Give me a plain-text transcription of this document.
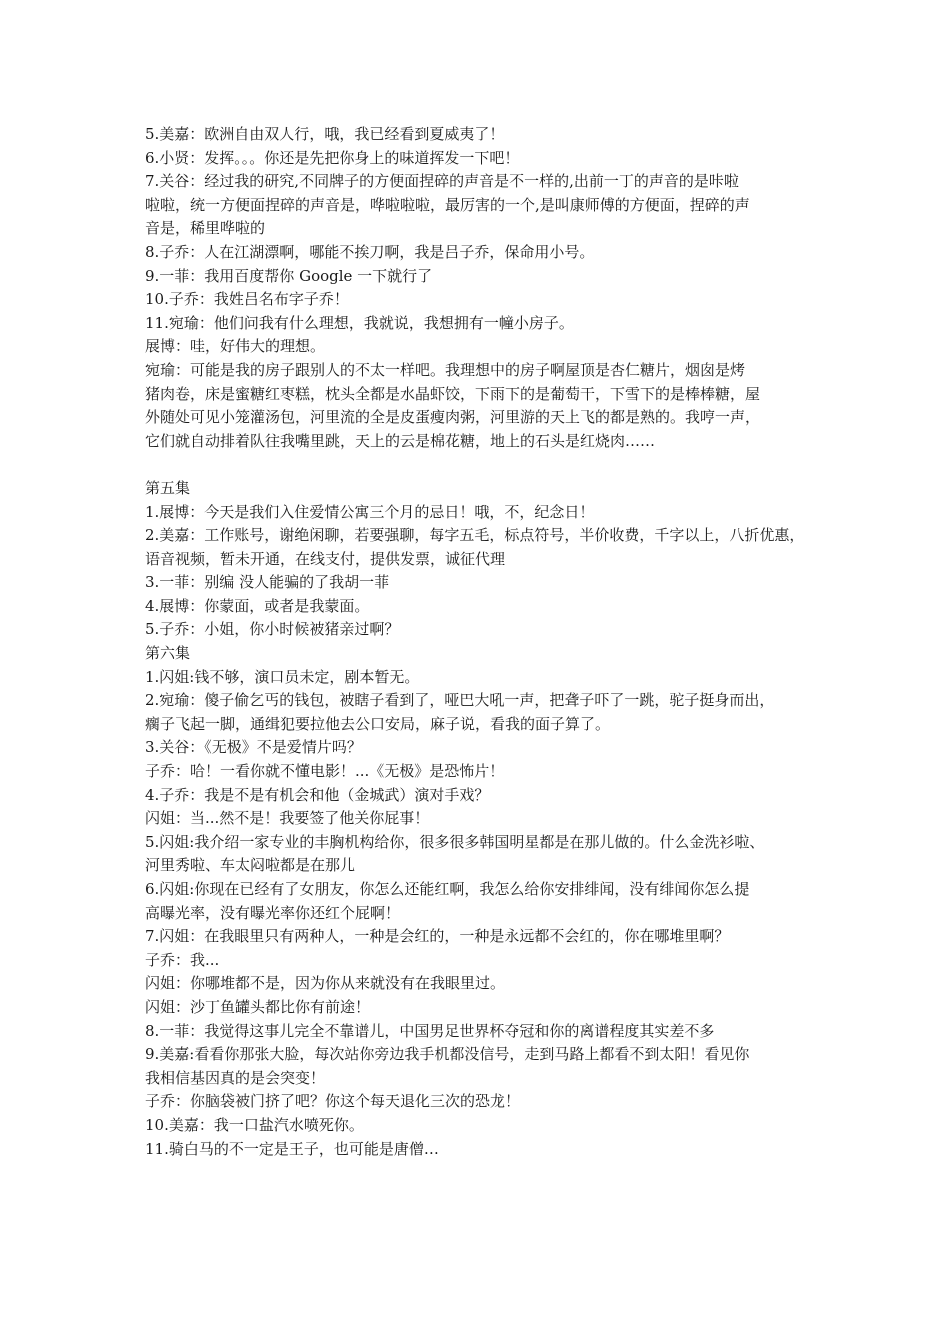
5.美嘉：欧洲自由双人行，哦，我已经看到夏威夷了！
6.小贤：发挥。。。你还是先把你身上的味道挥发一下吧！
7.关谷：经过我的研究,不同牌子的方便面捏碎的声音是不一样的,出前一丁的声音的是咔啦
啦啦，统一方便面捏碎的声音是，哗啦啦啦，最厉害的一个,是叫康师傅的方便面，捏碎的声
音是，稀里哗啦的
8.子乔：人在江湖漂啊，哪能不挨刀啊，我是吕子乔，保命用小号。
9.一菲：我用百度帮你 Google 一下就行了
10.子乔：我姓吕名布字子乔！
11.宛瑜：他们问我有什么理想，我就说，我想拥有一幢小房子。
展博：哇，好伟大的理想。
宛瑜：可能是我的房子跟别人的不太一样吧。我理想中的房子啊屋顶是杏仁糖片，烟囱是烤
猪肉卷，床是蜜糖红枣糕，枕头全都是水晶虾饺，下雨下的是葡萄干，下雪下的是棒棒糖，屋
外随处可见小笼灌汤包，河里流的全是皮蛋瘦肉粥，河里游的天上飞的都是熟的。我哼一声，
它们就自动排着队往我嘴里跳，天上的云是棉花糖，地上的石头是红烧肉……
第五集
1.展博：今天是我们入住爱情公寓三个月的忌日！哦，不，纪念日！
2.美嘉：工作账号，谢绝闲聊，若要强聊，每字五毛，标点符号，半价收费，千字以上，八折优惠，
语音视频，暂未开通，在线支付，提供发票，诚征代理
3.一菲：别编 没人能骗的了我胡一菲
4.展博：你蒙面，或者是我蒙面。
5.子乔：小姐，你小时候被猪亲过啊？
第六集
1.闪姐:钱不够，演口员未定，剧本暂无。
2.宛瑜：傻子偷乞丐的钱包，被瞎子看到了，哑巴大吼一声，把聋子吓了一跳，驼子挺身而出，
瘸子飞起一脚，通缉犯要拉他去公口安局，麻子说，看我的面子算了。
3.关谷：《无极》不是爱情片吗？
子乔：哈！一看你就不懂电影！...《无极》是恐怖片！
4.子乔：我是不是有机会和他（金城武）演对手戏？
闪姐：当...然不是！我要签了他关你屁事！
5.闪姐:我介绍一家专业的丰胸机构给你，很多很多韩国明星都是在那儿做的。什么金洗衫啦、
河里秀啦、车太闷啦都是在那儿
6.闪姐:你现在已经有了女朋友，你怎么还能红啊，我怎么给你安排绯闻，没有绯闻你怎么提
高曝光率，没有曝光率你还红个屁啊！
7.闪姐：在我眼里只有两种人，一种是会红的，一种是永远都不会红的，你在哪堆里啊？
子乔：我...
闪姐：你哪堆都不是，因为你从来就没有在我眼里过。
闪姐：沙丁鱼罐头都比你有前途！
8.一菲：我觉得这事儿完全不靠谱儿，中国男足世界杯夺冠和你的离谱程度其实差不多
9.美嘉:看看你那张大脸，每次站你旁边我手机都没信号，走到马路上都看不到太阳！看见你
我相信基因真的是会突变！
子乔：你脑袋被门挤了吧？你这个每天退化三次的恐龙！
10.美嘉：我一口盐汽水喷死你。
11.骑白马的不一定是王子，也可能是唐僧…
